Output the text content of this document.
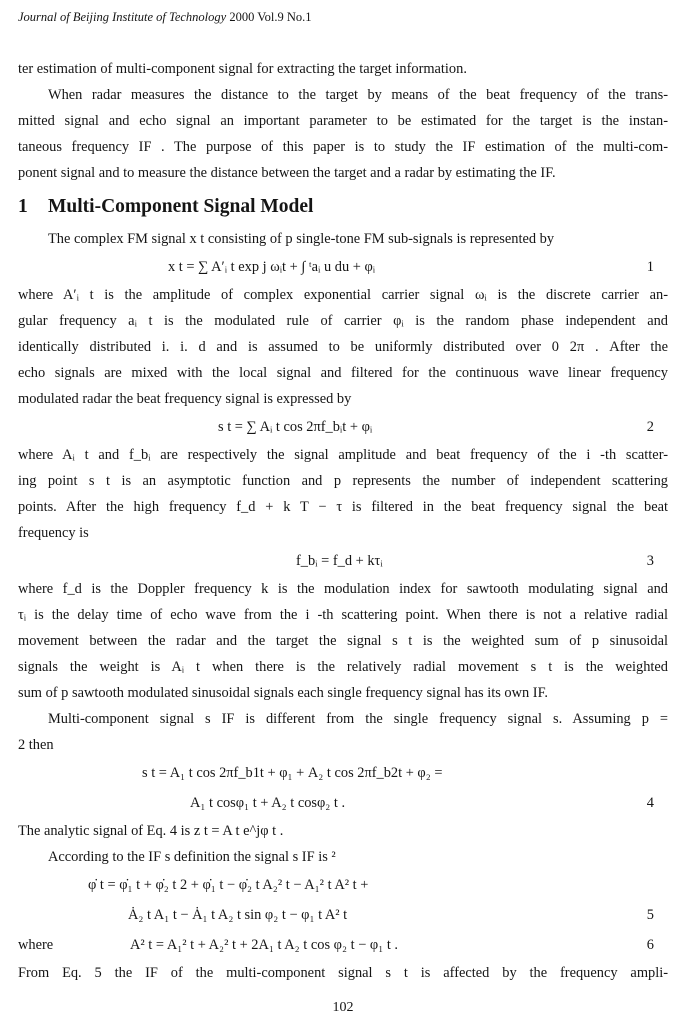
Journal of Beijing Institute of Technology 2000 Vol.9 No.1
ter estimation of multi-component signal for extracting the target information.
When radar measures the distance to the target by means of the beat frequency of the trans-
mitted signal and echo signal an important parameter to be estimated for the target is the instan-
taneous frequency IF . The purpose of this paper is to study the IF estimation of the multi-com-
ponent signal and to measure the distance between the target and a radar by estimating the IF.
1 Multi-Component Signal Model
The complex FM signal x t consisting of p single-tone FM sub-signals is represented by
x t = ∑ A′ᵢ t exp j ωᵢt + ∫ ᵗaᵢ u du + φᵢ	1
where A′ᵢ t is the amplitude of complex exponential carrier signal ωᵢ is the discrete carrier an-
gular frequency aᵢ t is the modulated rule of carrier φᵢ is the random phase independent and
identically distributed i. i. d and is assumed to be uniformly distributed over 0 2π . After the
echo signals are mixed with the local signal and filtered for the continuous wave linear frequency
modulated radar the beat frequency signal is expressed by
s t = ∑ Aᵢ t cos 2πf_bᵢt + φᵢ	2
where Aᵢ t and f_bᵢ are respectively the signal amplitude and beat frequency of the i -th scatter-
ing point s t is an asymptotic function and p represents the number of independent scattering
points. After the high frequency f_d + k T − τ is filtered in the beat frequency signal the beat
frequency is
f_bᵢ = f_d + kτᵢ	3
where f_d is the Doppler frequency k is the modulation index for sawtooth modulating signal and
τᵢ is the delay time of echo wave from the i -th scattering point. When there is not a relative radial
movement between the radar and the target the signal s t is the weighted sum of p sinusoidal
signals the weight is Aᵢ t when there is the relatively radial movement s t is the weighted
sum of p sawtooth modulated sinusoidal signals each single frequency signal has its own IF.
Multi-component signal s IF is different from the single frequency signal s. Assuming p =
2 then
s t = A₁ t cos 2πf_b1t + φ₁ + A₂ t cos 2πf_b2t + φ₂ =
A₁ t cosφ₁ t + A₂ t cosφ₂ t .	4
The analytic signal of Eq. 4 is z t = A t e^jφ t .
According to the IF s definition the signal s IF is ²
φ̇ t = φ̇₁ t + φ̇₂ t 2 + φ̇₁ t − φ̇₂ t A₂² t − A₁² t A² t +
Ȧ₂ t A₁ t − Ȧ₁ t A₂ t sin φ₂ t − φ₁ t A² t	5
where	A² t = A₁² t + A₂² t + 2A₁ t A₂ t cos φ₂ t − φ₁ t .	6
From Eq. 5 the IF of the multi-component signal s t is affected by the frequency ampli-
102
